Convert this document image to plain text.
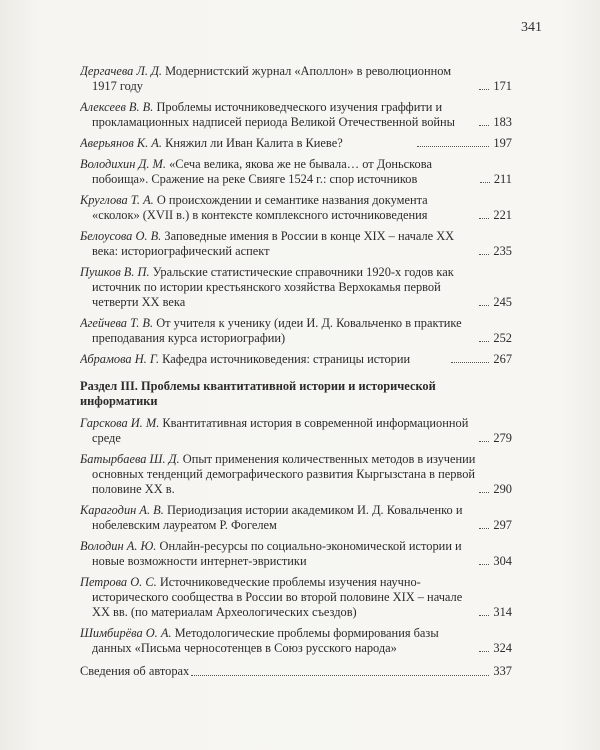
341
Дергачева Л. Д. Модернистский журнал «Аполлон» в революционном 1917 году	171
Алексеев В. В. Проблемы источниковедческого изучения граффити и прокламационных надписей периода Великой Отечественной войны	183
Аверьянов К. А. Княжил ли Иван Калита в Киеве?	197
Володихин Д. М. «Сеча велика, якова же не бывала… от Доньскова побоища». Сражение на реке Свияге 1524 г.: спор источников	211
Круглова Т. А. О происхождении и семантике названия документа «сколок» (XVII в.) в контексте комплексного источниковедения	221
Белоусова О. В. Заповедные имения в России в конце XIX – начале XX века: историографический аспект	235
Пушков В. П. Уральские статистические справочники 1920-х годов как источник по истории крестьянского хозяйства Верхокамья первой четверти XX века	245
Агейчева Т. В. От учителя к ученику (идеи И. Д. Ковальченко в практике преподавания курса историографии)	252
Абрамова Н. Г. Кафедра источниковедения: страницы истории	267
Раздел III. Проблемы квантитативной истории и исторической информатики
Гарскова И. М. Квантитативная история в современной информационной среде	279
Батырбаева Ш. Д. Опыт применения количественных методов в изучении основных тенденций демографического развития Кыргызстана в первой половине XX в.	290
Карагодин А. В. Периодизация истории академиком И. Д. Ковальченко и нобелевским лауреатом Р. Фогелем	297
Володин А. Ю. Онлайн-ресурсы по социально-экономической истории и новые возможности интернет-эвристики	304
Петрова О. С. Источниковедческие проблемы изучения научно-исторического сообщества в России во второй половине XIX – начале XX вв. (по материалам Археологических съездов)	314
Шимбирёва О. А. Методологические проблемы формирования базы данных «Письма черносотенцев в Союз русского народа»	324
Сведения об авторах	337
